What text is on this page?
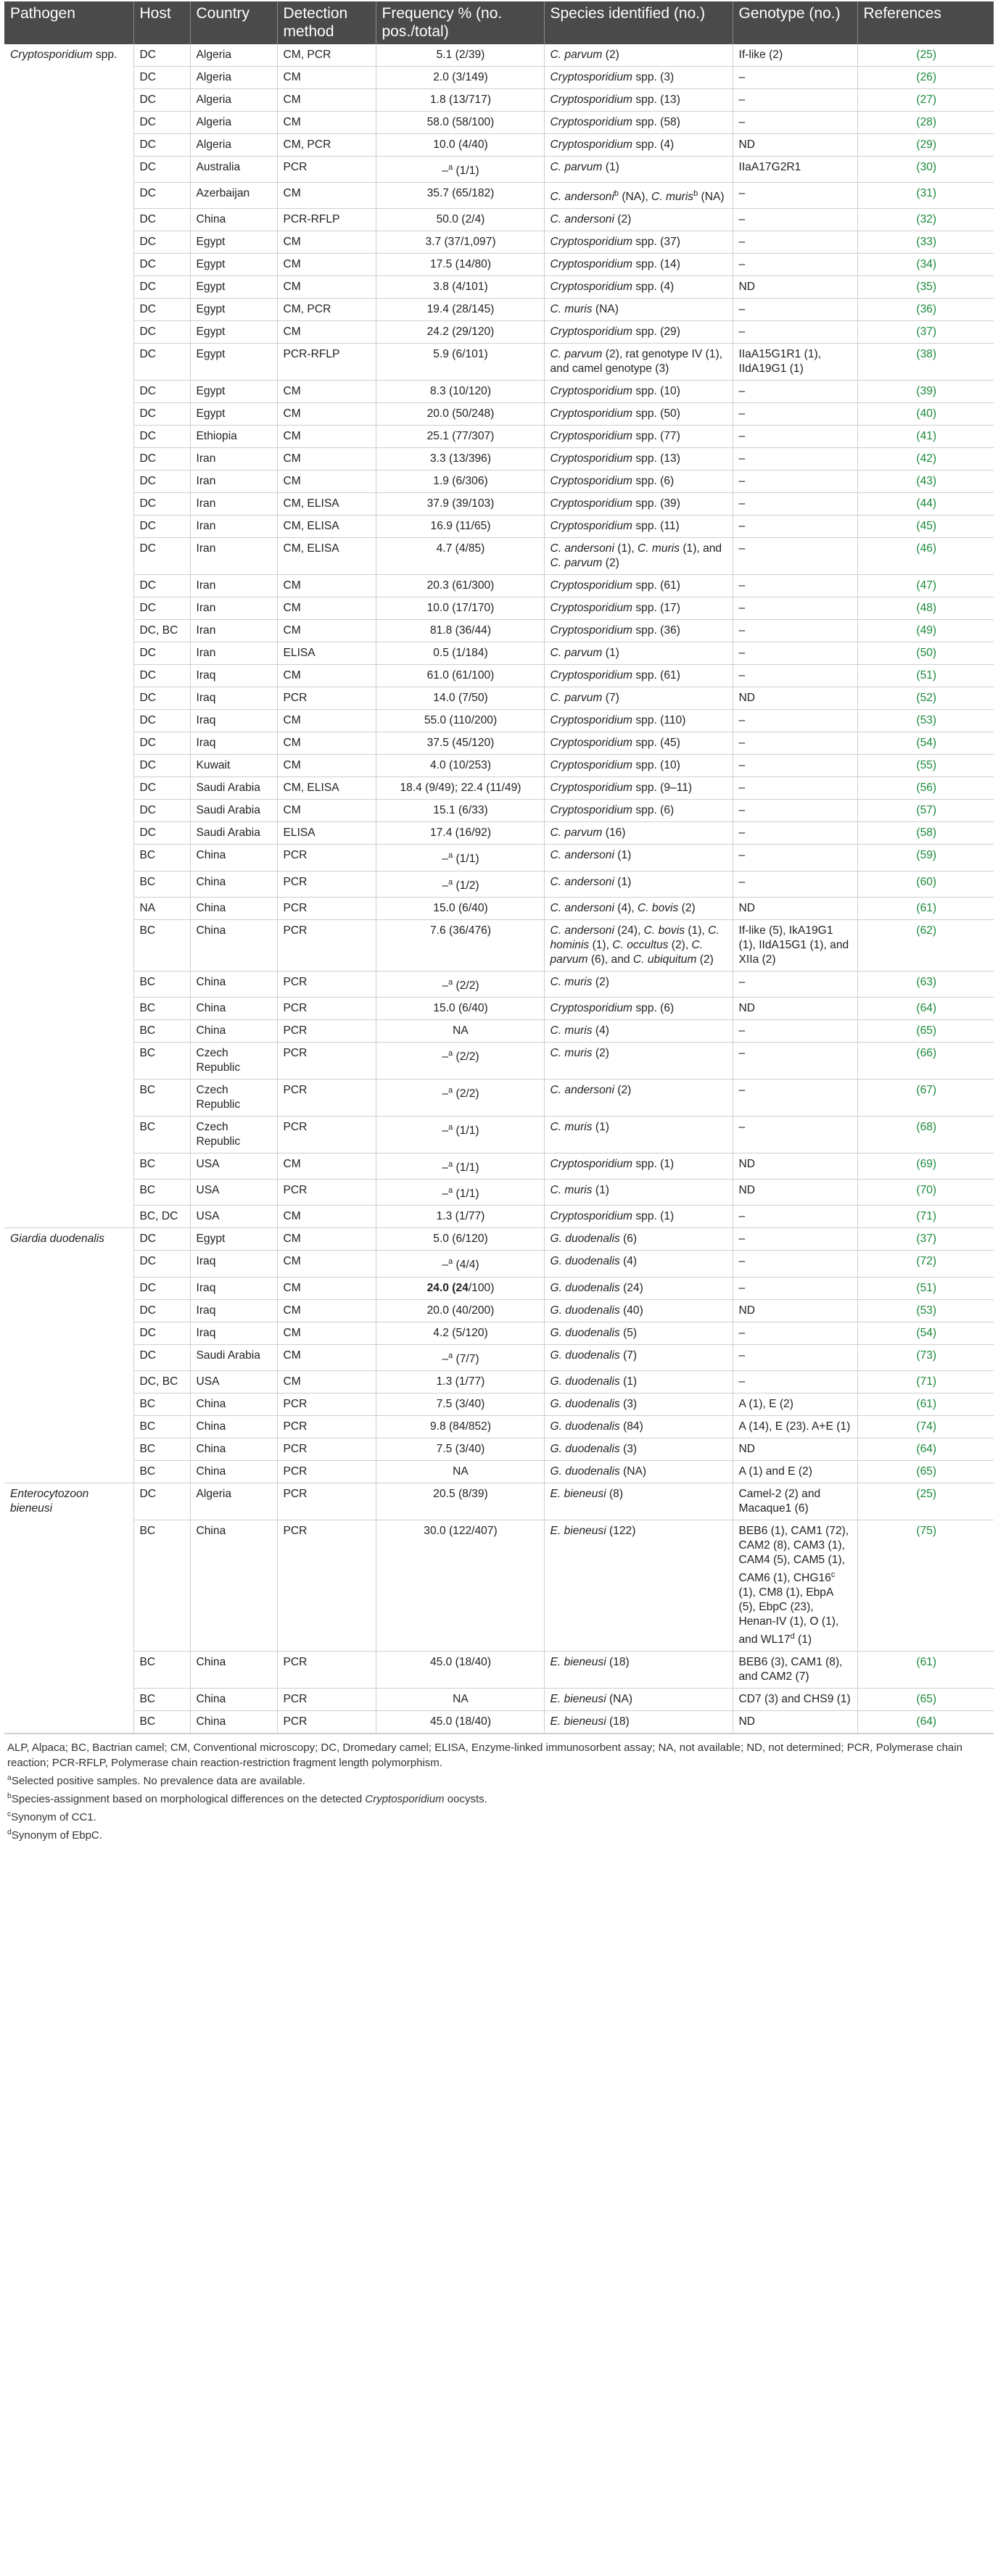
Pathogen	Host	Country	Detection method	Frequency % (no. pos./total)	Species identified (no.)	Genotype (no.)	References
Cryptosporidium spp.	DC	Algeria	CM, PCR	5.1 (2/39)	C. parvum (2)	If-like (2)	(25)
	DC	Algeria	CM	2.0 (3/149)	Cryptosporidium spp. (3)	–	(26)
	DC	Algeria	CM	1.8 (13/717)	Cryptosporidium spp. (13)	–	(27)
	DC	Algeria	CM	58.0 (58/100)	Cryptosporidium spp. (58)	–	(28)
	DC	Algeria	CM, PCR	10.0 (4/40)	Cryptosporidium spp. (4)	ND	(29)
	DC	Australia	PCR	–$^a$ (1/1)	C. parvum (1)	IIaA17G2R1	(30)
	DC	Azerbaijan	CM	35.7 (65/182)	C. andersoni$^b$ (NA), C. muris$^b$ (NA)	–	(31)
	DC	China	PCR-RFLP	50.0 (2/4)	C. andersoni (2)	–	(32)
	DC	Egypt	CM	3.7 (37/1,097)	Cryptosporidium spp. (37)	–	(33)
	DC	Egypt	CM	17.5 (14/80)	Cryptosporidium spp. (14)	–	(34)
	DC	Egypt	CM	3.8 (4/101)	Cryptosporidium spp. (4)	ND	(35)
	DC	Egypt	CM, PCR	19.4 (28/145)	C. muris (NA)	–	(36)
	DC	Egypt	CM	24.2 (29/120)	Cryptosporidium spp. (29)	–	(37)
	DC	Egypt	PCR-RFLP	5.9 (6/101)	C. parvum (2), rat genotype IV (1), and camel genotype (3)	IIaA15G1R1 (1), IIdA19G1 (1)	(38)
	DC	Egypt	CM	8.3 (10/120)	Cryptosporidium spp. (10)	–	(39)
	DC	Egypt	CM	20.0 (50/248)	Cryptosporidium spp. (50)	–	(40)
	DC	Ethiopia	CM	25.1 (77/307)	Cryptosporidium spp. (77)	–	(41)
	DC	Iran	CM	3.3 (13/396)	Cryptosporidium spp. (13)	–	(42)
	DC	Iran	CM	1.9 (6/306)	Cryptosporidium spp. (6)	–	(43)
	DC	Iran	CM, ELISA	37.9 (39/103)	Cryptosporidium spp. (39)	–	(44)
	DC	Iran	CM, ELISA	16.9 (11/65)	Cryptosporidium spp. (11)	–	(45)
	DC	Iran	CM, ELISA	4.7 (4/85)	C. andersoni (1), C. muris (1), and C. parvum (2)	–	(46)
	DC	Iran	CM	20.3 (61/300)	Cryptosporidium spp. (61)	–	(47)
	DC	Iran	CM	10.0 (17/170)	Cryptosporidium spp. (17)	–	(48)
	DC, BC	Iran	CM	81.8 (36/44)	Cryptosporidium spp. (36)	–	(49)
	DC	Iran	ELISA	0.5 (1/184)	C. parvum (1)	–	(50)
	DC	Iraq	CM	61.0 (61/100)	Cryptosporidium spp. (61)	–	(51)
	DC	Iraq	PCR	14.0 (7/50)	C. parvum (7)	ND	(52)
	DC	Iraq	CM	55.0 (110/200)	Cryptosporidium spp. (110)	–	(53)
	DC	Iraq	CM	37.5 (45/120)	Cryptosporidium spp. (45)	–	(54)
	DC	Kuwait	CM	4.0 (10/253)	Cryptosporidium spp. (10)	–	(55)
	DC	Saudi Arabia	CM, ELISA	18.4 (9/49); 22.4 (11/49)	Cryptosporidium spp. (9–11)	–	(56)
	DC	Saudi Arabia	CM	15.1 (6/33)	Cryptosporidium spp. (6)	–	(57)
	DC	Saudi Arabia	ELISA	17.4 (16/92)	C. parvum (16)	–	(58)
	BC	China	PCR	–$^a$ (1/1)	C. andersoni (1)	–	(59)
	BC	China	PCR	–$^a$ (1/2)	C. andersoni (1)	–	(60)
	NA	China	PCR	15.0 (6/40)	C. andersoni (4), C. bovis (2)	ND	(61)
	BC	China	PCR	7.6 (36/476)	C. andersoni (24), C. bovis (1), C. hominis (1), C. occultus (2), C. parvum (6), and C. ubiquitum (2)	If-like (5), IkA19G1 (1), IIdA15G1 (1), and XIIa (2)	(62)
	BC	China	PCR	–$^a$ (2/2)	C. muris (2)	–	(63)
	BC	China	PCR	15.0 (6/40)	Cryptosporidium spp. (6)	ND	(64)
	BC	China	PCR	NA	C. muris (4)	–	(65)
	BC	Czech Republic	PCR	–$^a$ (2/2)	C. muris (2)	–	(66)
	BC	Czech Republic	PCR	–$^a$ (2/2)	C. andersoni (2)	–	(67)
	BC	Czech Republic	PCR	–$^a$ (1/1)	C. muris (1)	–	(68)
	BC	USA	CM	–$^a$ (1/1)	Cryptosporidium spp. (1)	ND	(69)
	BC	USA	PCR	–$^a$ (1/1)	C. muris (1)	ND	(70)
	BC, DC	USA	CM	1.3 (1/77)	Cryptosporidium spp. (1)	–	(71)
Giardia duodenalis	DC	Egypt	CM	5.0 (6/120)	G. duodenalis (6)	–	(37)
	DC	Iraq	CM	–$^a$ (4/4)	G. duodenalis (4)	–	(72)
	DC	Iraq	CM	24.0 (24/100)	G. duodenalis (24)	–	(51)
	DC	Iraq	CM	20.0 (40/200)	G. duodenalis (40)	ND	(53)
	DC	Iraq	CM	4.2 (5/120)	G. duodenalis (5)	–	(54)
	DC	Saudi Arabia	CM	–$^a$ (7/7)	G. duodenalis (7)	–	(73)
	DC, BC	USA	CM	1.3 (1/77)	G. duodenalis (1)	–	(71)
	BC	China	PCR	7.5 (3/40)	G. duodenalis (3)	A (1), E (2)	(61)
	BC	China	PCR	9.8 (84/852)	G. duodenalis (84)	A (14), E (23). A+E (1)	(74)
	BC	China	PCR	7.5 (3/40)	G. duodenalis (3)	ND	(64)
	BC	China	PCR	NA	G. duodenalis (NA)	A (1) and E (2)	(65)
Enterocytozoon bieneusi	DC	Algeria	PCR	20.5 (8/39)	E. bieneusi (8)	Camel-2 (2) and Macaque1 (6)	(25)
	BC	China	PCR	30.0 (122/407)	E. bieneusi (122)	BEB6 (1), CAM1 (72), CAM2 (8), CAM3 (1), CAM4 (5), CAM5 (1), CAM6 (1), CHG16$^c$ (1), CM8 (1), EbpA (5), EbpC (23), Henan-IV (1), O (1), and WL17$^d$ (1)	(75)
	BC	China	PCR	45.0 (18/40)	E. bieneusi (18)	BEB6 (3), CAM1 (8), and CAM2 (7)	(61)
	BC	China	PCR	NA	E. bieneusi (NA)	CD7 (3) and CHS9 (1)	(65)
	BC	China	PCR	45.0 (18/40)	E. bieneusi (18)	ND	(64)

ALP, Alpaca; BC, Bactrian camel; CM, Conventional microscopy; DC, Dromedary camel; ELISA, Enzyme-linked immunosorbent assay; NA, not available; ND, not determined; PCR, Polymerase chain reaction; PCR-RFLP, Polymerase chain reaction-restriction fragment length polymorphism.

$^a$Selected positive samples. No prevalence data are available.

$^b$Species-assignment based on morphological differences on the detected Cryptosporidium oocysts.

$^c$Synonym of CC1.

$^d$Synonym of EbpC.
